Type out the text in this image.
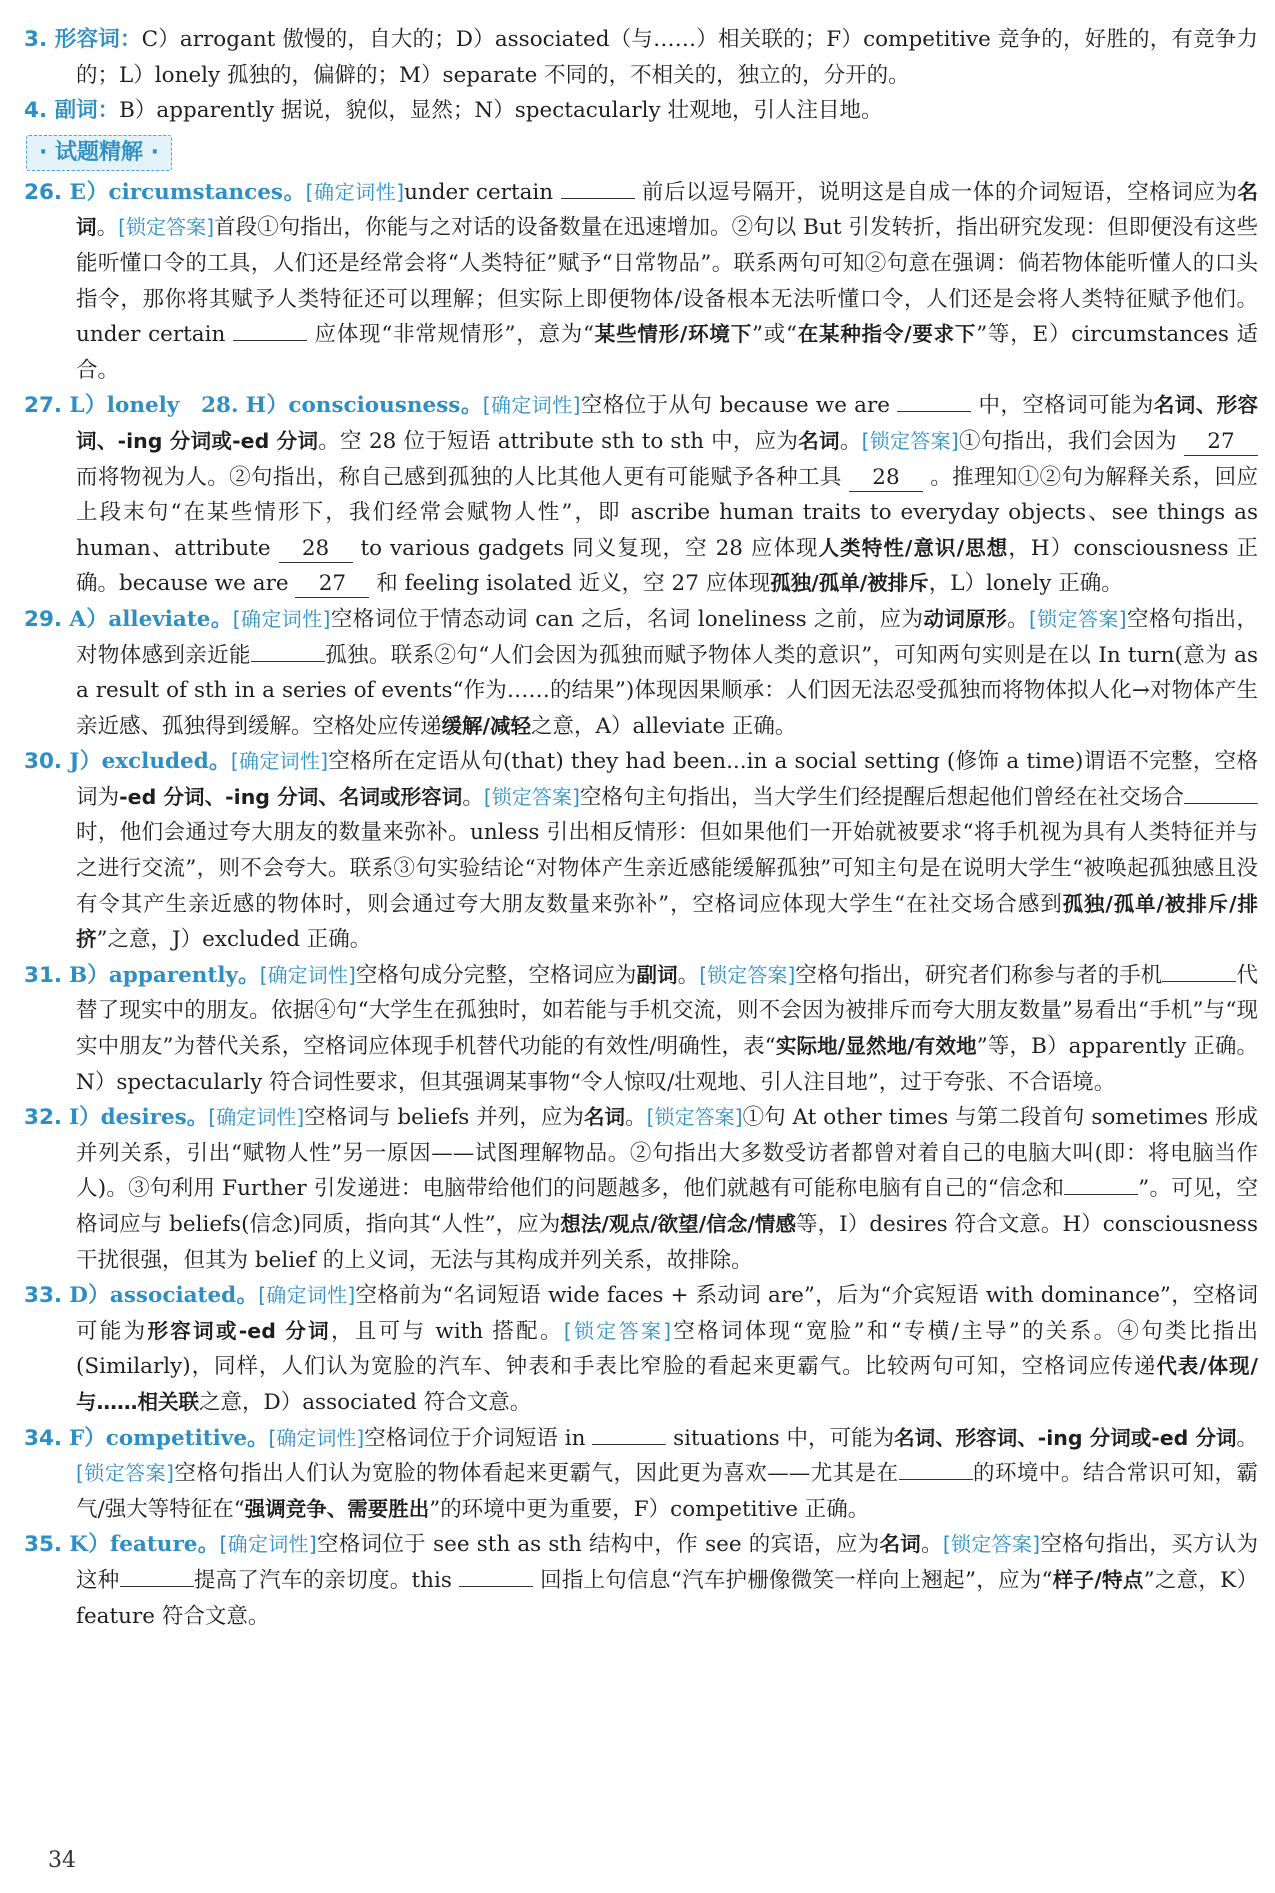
3. 形容词：C）arrogant 傲慢的，自大的；D）associated（与……）相关联的；F）competitive 竞争的，好胜的，有竞争力的；L）lonely 孤独的，偏僻的；M）separate 不同的，不相关的，独立的，分开的。

4. 副词：B）apparently 据说，貌似，显然；N）spectacularly 壮观地，引人注目地。

· 试题精解 ·

26. E）circumstances。[确定词性]under certain	前后以逗号隔开，说明这是自成一体的介词短语，空格词应为名词。[锁定答案]首段①句指出，你能与之对话的设备数量在迅速增加。②句以 But 引发转折，指出研究发现：但即便没有这些能听懂口令的工具，人们还是经常会将“人类特征”赋予“日常物品”。联系两句可知②句意在强调：倘若物体能听懂人的口头指令，那你将其赋予人类特征还可以理解；但实际上即便物体/设备根本无法听懂口令，人们还是会将人类特征赋予他们。under certain	应体现“非常规情形”，意为“某些情形/环境下”或“在某种指令/要求下”等，E）circumstances 适合。

27. L）lonely 28. H）consciousness。[确定词性]空格位于从句 because we are	中，空格词可能为名词、形容词、-ing 分词或-ed 分词。空 28 位于短语 attribute sth to sth 中，应为名词。[锁定答案]①句指出，我们会因为 27 而将物视为人。②句指出，称自己感到孤独的人比其他人更有可能赋予各种工具 28 。推理知①②句为解释关系，回应上段末句“在某些情形下，我们经常会赋物人性”，即 ascribe human traits to everyday objects、see things as human、attribute 28 to various gadgets 同义复现，空 28 应体现人类特性/意识/思想，H）consciousness 正确。because we are 27 和 feeling isolated 近义，空 27 应体现孤独/孤单/被排斥，L）lonely 正确。

29. A）alleviate。[确定词性]空格词位于情态动词 can 之后，名词 loneliness 之前，应为动词原形。[锁定答案]空格句指出，对物体感到亲近能	孤独。联系②句“人们会因为孤独而赋予物体人类的意识”，可知两句实则是在以 In turn(意为 as a result of sth in a series of events“作为……的结果”)体现因果顺承：人们因无法忍受孤独而将物体拟人化→对物体产生亲近感、孤独得到缓解。空格处应传递缓解/减轻之意，A）alleviate 正确。

30. J）excluded。[确定词性]空格所在定语从句(that) they had been...in a social setting (修饰 a time)谓语不完整，空格词为-ed 分词、-ing 分词、名词或形容词。[锁定答案]空格句主句指出，当大学生们经提醒后想起他们曾经在社交场合时，他们会通过夸大朋友的数量来弥补。unless 引出相反情形：但如果他们一开始就被要求“将手机视为具有人类特征并与之进行交流”，则不会夸大。联系③句实验结论“对物体产生亲近感能缓解孤独”可知主句是在说明大学生“被唤起孤独感且没有令其产生亲近感的物体时，则会通过夸大朋友数量来弥补”，空格词应体现大学生“在社交场合感到孤独/孤单/被排斥/排挤”之意，J）excluded 正确。

31. B）apparently。[确定词性]空格句成分完整，空格词应为副词。[锁定答案]空格句指出，研究者们称参与者的手机	代替了现实中的朋友。依据④句“大学生在孤独时，如若能与手机交流，则不会因为被排斥而夸大朋友数量”易看出“手机”与“现实中朋友”为替代关系，空格词应体现手机替代功能的有效性/明确性，表“实际地/显然地/有效地”等，B）apparently 正确。N）spectacularly 符合词性要求，但其强调某事物“令人惊叹/壮观地、引人注目地”，过于夸张、不合语境。

32. I）desires。[确定词性]空格词与 beliefs 并列，应为名词。[锁定答案]①句 At other times 与第二段首句 sometimes 形成并列关系，引出“赋物人性”另一原因——试图理解物品。②句指出大多数受访者都曾对着自己的电脑大叫(即：将电脑当作人)。③句利用 Further 引发递进：电脑带给他们的问题越多，他们就越有可能称电脑有自己的“信念和	”。可见，空格词应与 beliefs(信念)同质，指向其“人性”，应为想法/观点/欲望/信念/情感等，I）desires 符合文意。H）consciousness 干扰很强，但其为 belief 的上义词，无法与其构成并列关系，故排除。

33. D）associated。[确定词性]空格前为“名词短语 wide faces + 系动词 are”，后为“介宾短语 with dominance”，空格词可能为形容词或-ed 分词，且可与 with 搭配。[锁定答案]空格词体现“宽脸”和“专横/主导”的关系。④句类比指出(Similarly)，同样，人们认为宽脸的汽车、钟表和手表比窄脸的看起来更霸气。比较两句可知，空格词应传递代表/体现/与……相关联之意，D）associated 符合文意。

34. F）competitive。[确定词性]空格词位于介词短语 in	situations 中，可能为名词、形容词、-ing 分词或-ed 分词。[锁定答案]空格句指出人们认为宽脸的物体看起来更霸气，因此更为喜欢——尤其是在	的环境中。结合常识可知，霸气/强大等特征在“强调竞争、需要胜出”的环境中更为重要，F）competitive 正确。

35. K）feature。[确定词性]空格词位于 see sth as sth 结构中，作 see 的宾语，应为名词。[锁定答案]空格句指出，买方认为这种	提高了汽车的亲切度。this	回指上句信息“汽车护栅像微笑一样向上翘起”，应为“样子/特点”之意，K）feature 符合文意。

34
